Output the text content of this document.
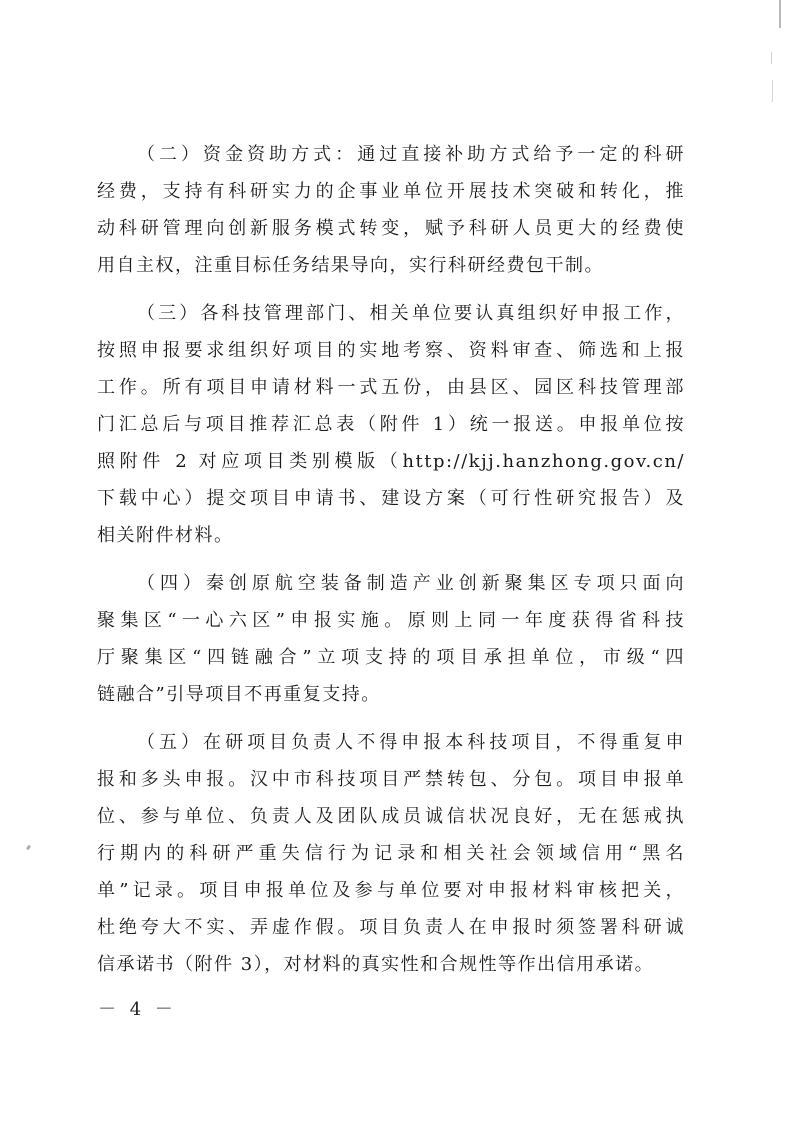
（二）资金资助方式：通过直接补助方式给予一定的科研
经费，支持有科研实力的企事业单位开展技术突破和转化，推
动科研管理向创新服务模式转变，赋予科研人员更大的经费使
用自主权，注重目标任务结果导向，实行科研经费包干制。

（三）各科技管理部门、相关单位要认真组织好申报工作，
按照申报要求组织好项目的实地考察、资料审查、筛选和上报
工作。所有项目申请材料一式五份，由县区、园区科技管理部
门汇总后与项目推荐汇总表（附件 1）统一报送。申报单位按
照附件 2 对应项目类别模版（http://kjj.hanzhong.gov.cn/
下载中心）提交项目申请书、建设方案（可行性研究报告）及
相关附件材料。

（四）秦创原航空装备制造产业创新聚集区专项只面向
聚集区“一心六区”申报实施。原则上同一年度获得省科技
厅聚集区“四链融合”立项支持的项目承担单位，市级“四
链融合”引导项目不再重复支持。

（五）在研项目负责人不得申报本科技项目，不得重复申
报和多头申报。汉中市科技项目严禁转包、分包。项目申报单
位、参与单位、负责人及团队成员诚信状况良好，无在惩戒执
行期内的科研严重失信行为记录和相关社会领域信用“黑名
单”记录。项目申报单位及参与单位要对申报材料审核把关，
杜绝夸大不实、弄虚作假。项目负责人在申报时须签署科研诚
信承诺书（附件 3），对材料的真实性和合规性等作出信用承诺。

－ 4 －
